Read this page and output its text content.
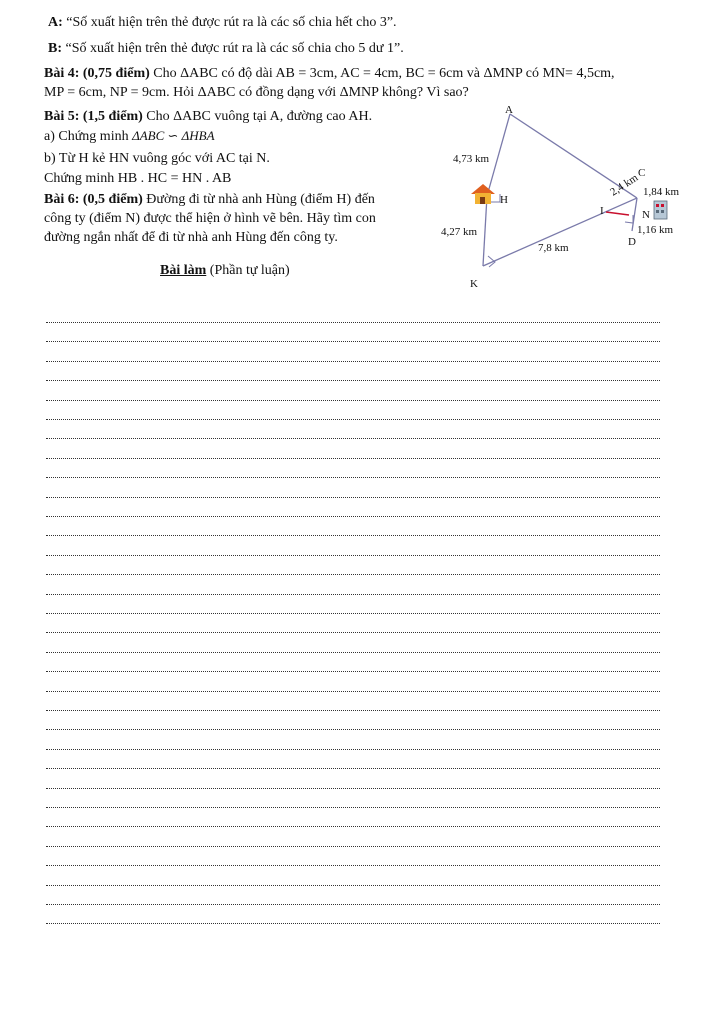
A: “Số xuất hiện trên thẻ được rút ra là các số chia hết cho 3”.
B: “Số xuất hiện trên thẻ được rút ra là các số chia cho 5 dư 1”.
Bài 4: (0,75 điểm) Cho ΔABC có độ dài AB = 3cm, AC = 4cm, BC = 6cm và ΔMNP có MN= 4,5cm,
MP = 6cm, NP = 9cm. Hỏi ΔABC có đồng dạng với ΔMNP không? Vì sao?
Bài 5: (1,5 điểm) Cho ΔABC vuông tại A, đường cao AH.
a) Chứng minh ΔABC ∽ ΔHBA
b) Từ H kẻ HN vuông góc với AC tại N.
Chứng minh HB . HC = HN . AB
Bài 6: (0,5 điểm) Đường đi từ nhà anh Hùng (điểm H) đến
công ty (điểm N) được thể hiện ở hình vẽ bên. Hãy tìm con
đường ngắn nhất để đi từ nhà anh Hùng đến công ty.
Bài làm (Phần tự luận)
A
H
C
I	N
D
K
4,73 km
4,27 km
7,8 km
2,4 km 1,84 km
1,16 km
